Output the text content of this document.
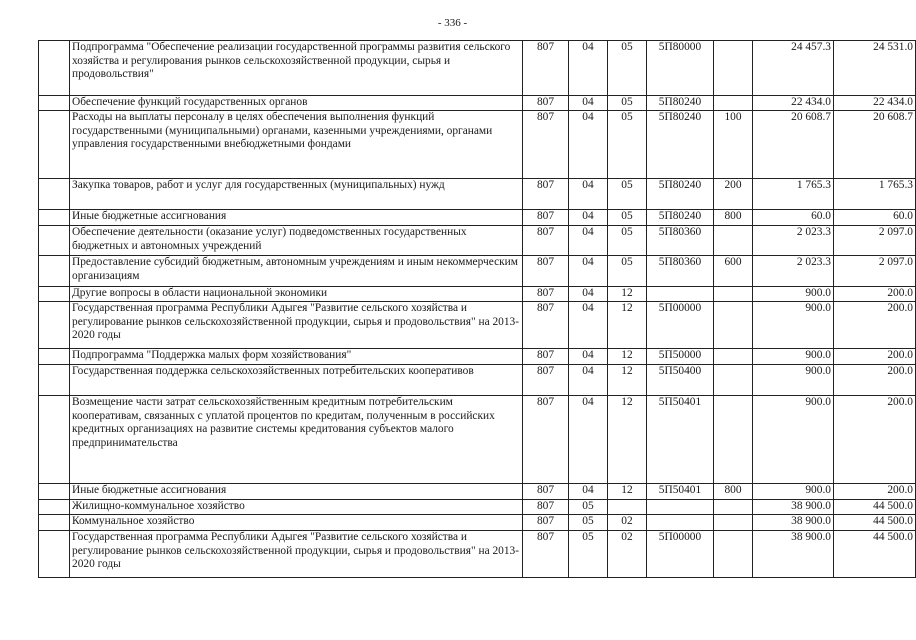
- 336 -
	Подпрограмма "Обеспечение реализации государственной программы развития сельского хозяйства и регулирования рынков сельскохозяйственной продукции, сырья и продовольствия"	807	04	05	5П80000		24 457.3	24 531.0
	Обеспечение функций государственных органов	807	04	05	5П80240		22 434.0	22 434.0
	Расходы на выплаты персоналу в целях обеспечения выполнения функций государственными (муниципальными) органами, казенными учреждениями, органами управления государственными внебюджетными фондами	807	04	05	5П80240	100	20 608.7	20 608.7
	Закупка товаров, работ и услуг для государственных (муниципальных) нужд	807	04	05	5П80240	200	1 765.3	1 765.3
	Иные бюджетные ассигнования	807	04	05	5П80240	800	60.0	60.0
	Обеспечение деятельности (оказание услуг) подведомственных государственных бюджетных и автономных учреждений	807	04	05	5П80360		2 023.3	2 097.0
	Предоставление субсидий бюджетным, автономным учреждениям и иным некоммерческим организациям	807	04	05	5П80360	600	2 023.3	2 097.0
	Другие вопросы в области национальной экономики	807	04	12			900.0	200.0
	Государственная программа Республики Адыгея "Развитие сельского хозяйства и регулирование рынков сельскохозяйственной продукции, сырья и продовольствия" на 2013-2020 годы	807	04	12	5П00000		900.0	200.0
	Подпрограмма "Поддержка малых форм хозяйствования"	807	04	12	5П50000		900.0	200.0
	Государственная поддержка сельскохозяйственных потребительских кооперативов	807	04	12	5П50400		900.0	200.0
	Возмещение части затрат сельскохозяйственным кредитным потребительским кооперативам, связанных с уплатой процентов по кредитам, полученным в российских кредитных организациях на развитие системы кредитования субъектов малого предпринимательства	807	04	12	5П50401		900.0	200.0
	Иные бюджетные ассигнования	807	04	12	5П50401	800	900.0	200.0
	Жилищно-коммунальное хозяйство	807	05				38 900.0	44 500.0
	Коммунальное хозяйство	807	05	02			38 900.0	44 500.0
	Государственная программа Республики Адыгея "Развитие сельского хозяйства и регулирование рынков сельскохозяйственной продукции, сырья и продовольствия" на 2013-2020 годы	807	05	02	5П00000		38 900.0	44 500.0
